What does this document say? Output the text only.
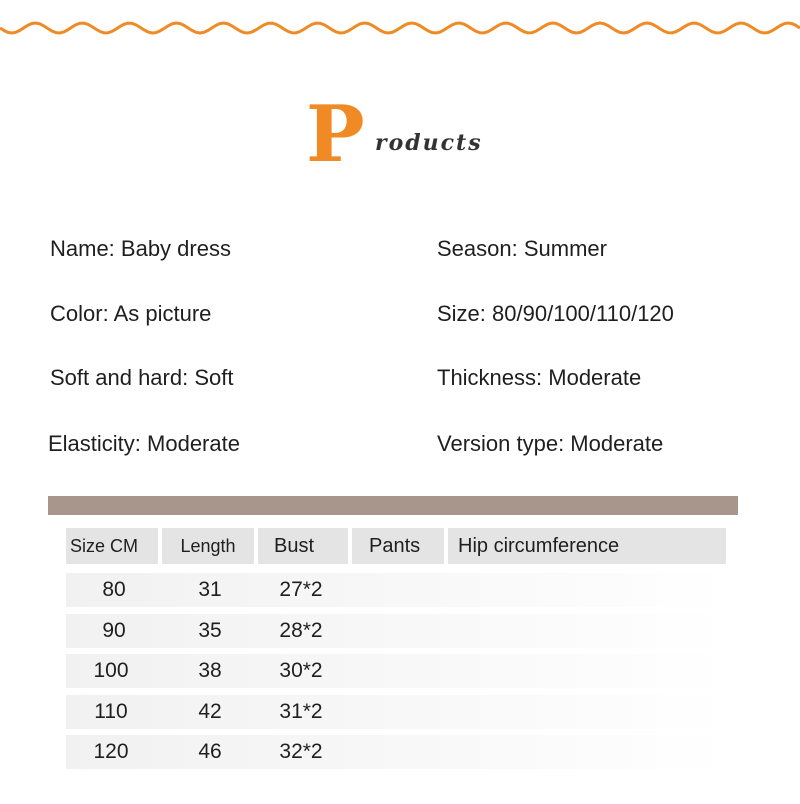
P roducts
Name: Baby dress
Color: As picture
Soft and hard: Soft
Elasticity: Moderate
Season: Summer
Size: 80/90/100/110/120
Thickness: Moderate
Version type: Moderate
Size CM	Length	Bust	Pants	Hip circumference
80	31	27*2
90	35	28*2
100	38	30*2
110	42	31*2
120	46	32*2
